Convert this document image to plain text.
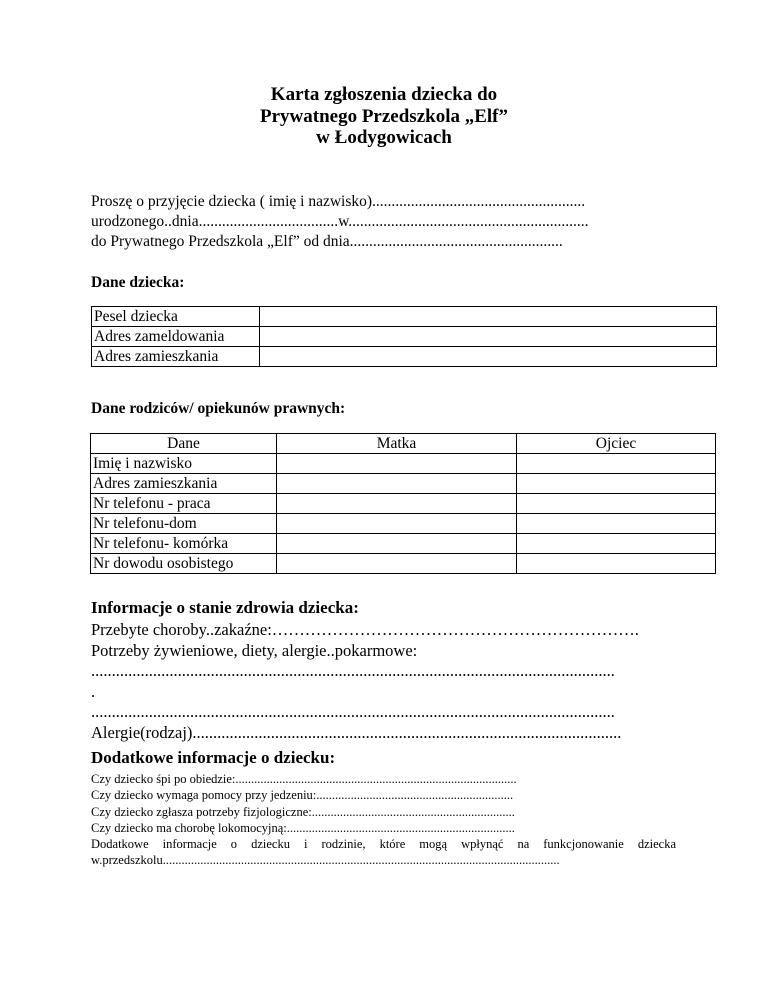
Karta zgłoszenia dziecka do
Prywatnego Przedszkola „Elf”
w Łodygowicach
Proszę o przyjęcie dziecka ( imię i nazwisko).......................................................
urodzonego..dnia....................................w..............................................................
do Prywatnego Przedszkola „Elf” od dnia.......................................................
Dane dziecka:
Pesel dziecka	
Adres zameldowania	
Adres zamieszkania	
Dane rodziców/ opiekunów prawnych:
Dane	Matka	Ojciec
Imię i nazwisko		
Adres zamieszkania		
Nr telefonu - praca		
Nr telefonu-dom		
Nr telefonu- komórka		
Nr dowodu osobistego		
Informacje o stanie zdrowia dziecka:
Przebyte choroby..zakaźne:………………………………………………………….
Potrzeby żywieniowe, diety, alergie..pokarmowe:
...............................................................................................................................
.
...............................................................................................................................
Alergie(rodzaj)........................................................................................................
Dodatkowe informacje o dziecku:
Czy dziecko śpi po obiedzie:..........................................................................................
Czy dziecko wymaga pomocy przy jedzeniu:...............................................................
Czy dziecko zgłasza potrzeby fizjologiczne:.................................................................
Czy dziecko ma chorobę lokomocyjną:.........................................................................
Dodatkowe informacje o dziecku i rodzinie, które mogą wpłynąć na funkcjonowanie dziecka
w.przedszkolu...............................................................................................................................
